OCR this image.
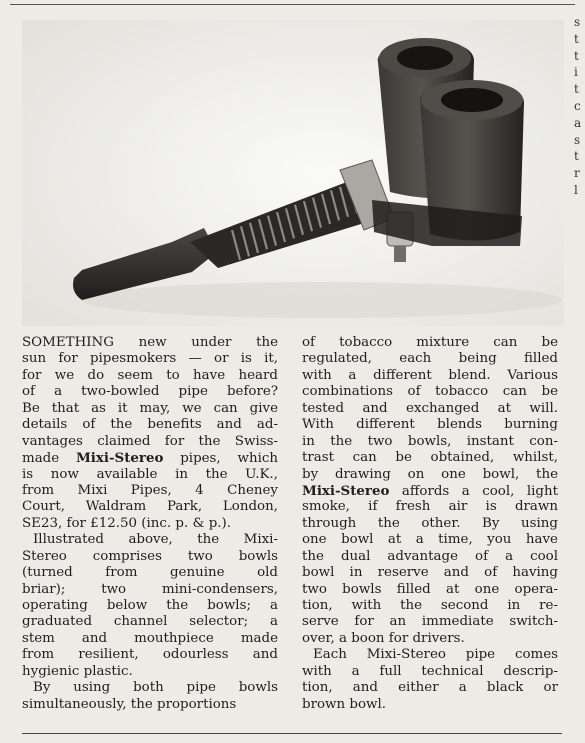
s
t
t
i
t
c
a
s
t
r
l
SOMETHING new under the
sun for pipesmokers — or is it,
for we do seem to have heard
of a two-bowled pipe before?
Be that as it may, we can give
details of the benefits and ad-
vantages claimed for the Swiss-
made Mixi-Stereo pipes, which
is now available in the U.K.,
from Mixi Pipes, 4 Cheney
Court, Waldram Park, London,
SE23, for £12.50 (inc. p. & p.).
Illustrated above, the Mixi-
Stereo comprises two bowls
(turned from genuine old
briar); two mini-condensers,
operating below the bowls; a
graduated channel selector; a
stem and mouthpiece made
from resilient, odourless and
hygienic plastic.
By using both pipe bowls
simultaneously, the proportions
of tobacco mixture can be
regulated, each being filled
with a different blend. Various
combinations of tobacco can be
tested and exchanged at will.
With different blends burning
in the two bowls, instant con-
trast can be obtained, whilst,
by drawing on one bowl, the
Mixi-Stereo affords a cool, light
smoke, if fresh air is drawn
through the other. By using
one bowl at a time, you have
the dual advantage of a cool
bowl in reserve and of having
two bowls filled at one opera-
tion, with the second in re-
serve for an immediate switch-
over, a boon for drivers.
Each Mixi-Stereo pipe comes
with a full technical descrip-
tion, and either a black or
brown bowl.
